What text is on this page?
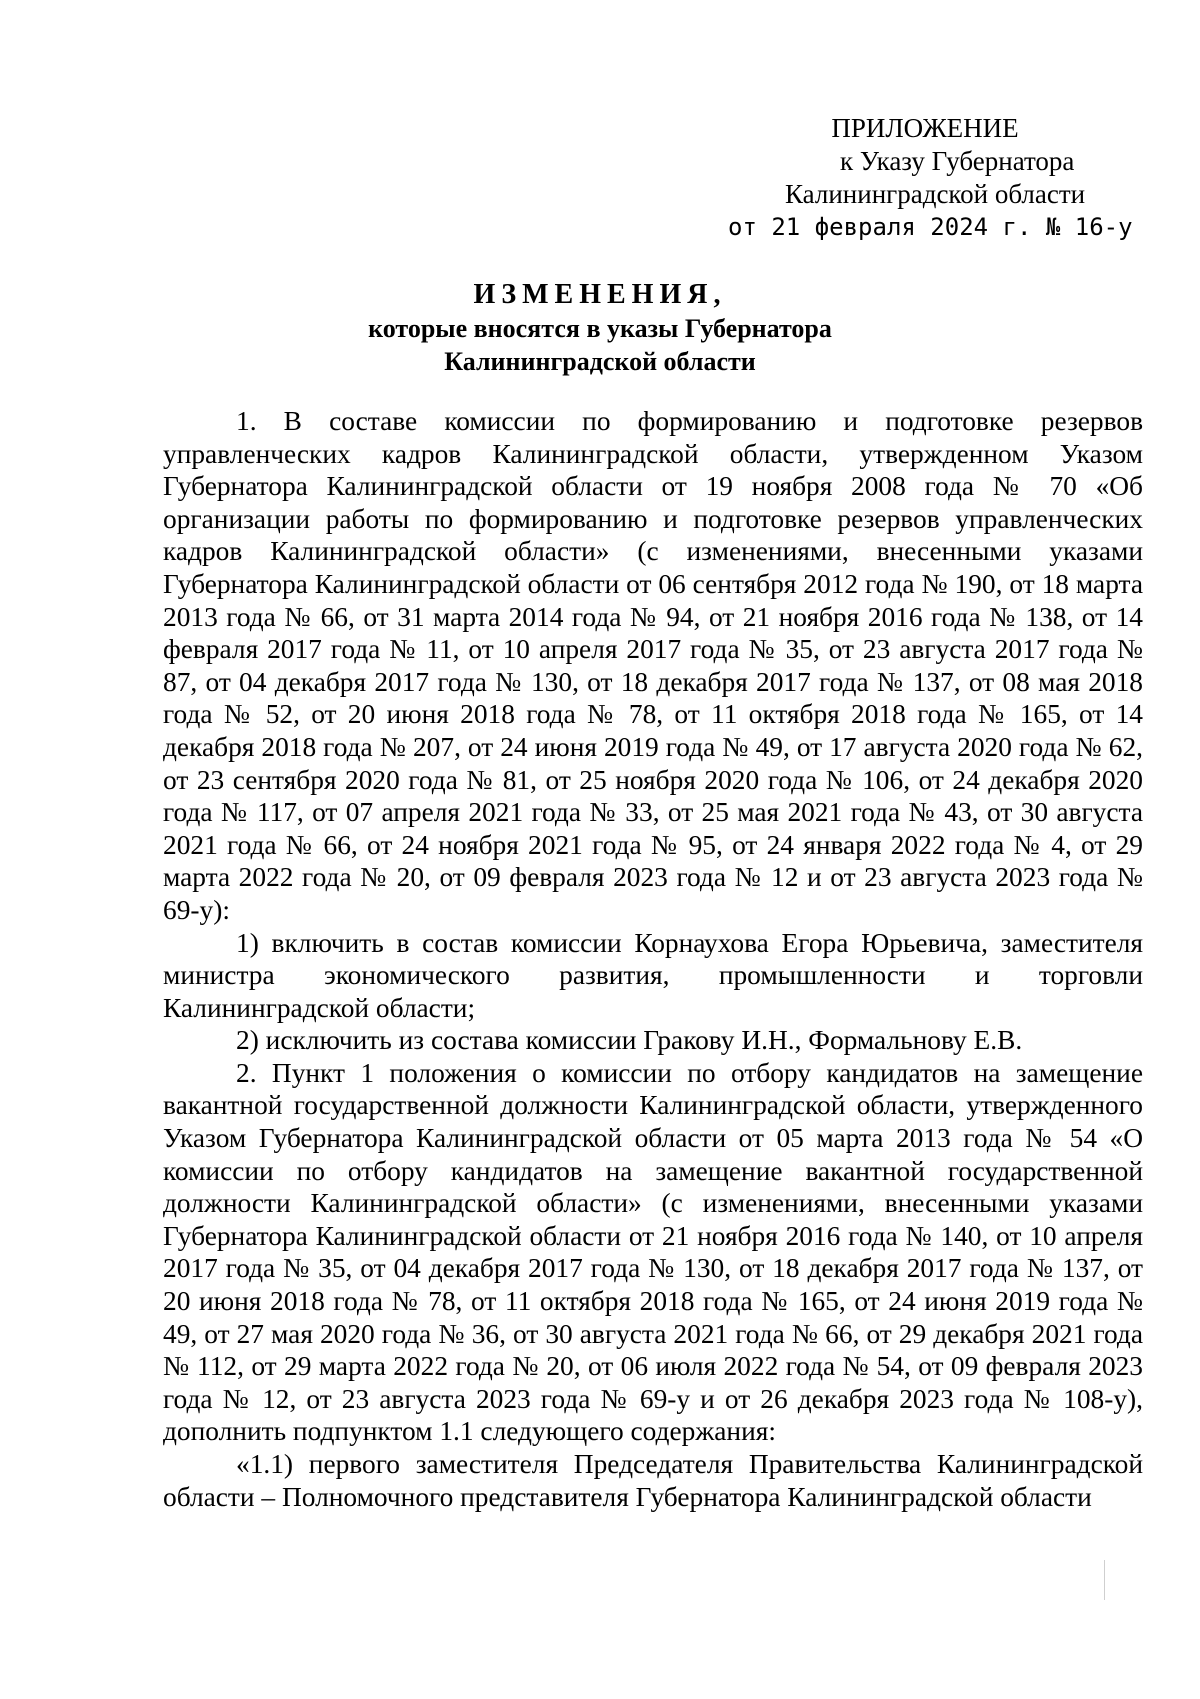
ПРИЛОЖЕНИЕ
к Указу Губернатора
Калининградской области
от 21 февраля 2024 г. № 16-у
ИЗМЕНЕНИЯ,
которые вносятся в указы Губернатора
Калининградской области

1. В составе комиссии по формированию и подготовке резервов управленческих кадров Калининградской области, утвержденном Указом Губернатора Калининградской области от 19 ноября 2008 года № 70 «Об организации работы по формированию и подготовке резервов управленческих кадров Калининградской области» (с изменениями, внесенными указами Губернатора Калининградской области от 06 сентября 2012 года № 190, от 18 марта 2013 года № 66, от 31 марта 2014 года № 94, от 21 ноября 2016 года № 138, от 14 февраля 2017 года № 11, от 10 апреля 2017 года № 35, от 23 августа 2017 года № 87, от 04 декабря 2017 года № 130, от 18 декабря 2017 года № 137, от 08 мая 2018 года № 52, от 20 июня 2018 года № 78, от 11 октября 2018 года № 165, от 14 декабря 2018 года № 207, от 24 июня 2019 года № 49, от 17 августа 2020 года № 62, от 23 сентября 2020 года № 81, от 25 ноября 2020 года № 106, от 24 декабря 2020 года № 117, от 07 апреля 2021 года № 33, от 25 мая 2021 года № 43, от 30 августа 2021 года № 66, от 24 ноября 2021 года № 95, от 24 января 2022 года № 4, от 29 марта 2022 года № 20, от 09 февраля 2023 года № 12 и от 23 августа 2023 года № 69-у):

1) включить в состав комиссии Корнаухова Егора Юрьевича, заместителя министра экономического развития, промышленности и торговли Калининградской области;

2) исключить из состава комиссии Гракову И.Н., Формальнову Е.В.

2. Пункт 1 положения о комиссии по отбору кандидатов на замещение вакантной государственной должности Калининградской области, утвержденного Указом Губернатора Калининградской области от 05 марта 2013 года № 54 «О комиссии по отбору кандидатов на замещение вакантной государственной должности Калининградской области» (с изменениями, внесенными указами Губернатора Калининградской области от 21 ноября 2016 года № 140, от 10 апреля 2017 года № 35, от 04 декабря 2017 года № 130, от 18 декабря 2017 года № 137, от 20 июня 2018 года № 78, от 11 октября 2018 года № 165, от 24 июня 2019 года № 49, от 27 мая 2020 года № 36, от 30 августа 2021 года № 66, от 29 декабря 2021 года № 112, от 29 марта 2022 года № 20, от 06 июля 2022 года № 54, от 09 февраля 2023 года № 12, от 23 августа 2023 года № 69-у и от 26 декабря 2023 года № 108-у), дополнить подпунктом 1.1 следующего содержания:

«1.1) первого заместителя Председателя Правительства Калининградской области – Полномочного представителя Губернатора Калининградской области
